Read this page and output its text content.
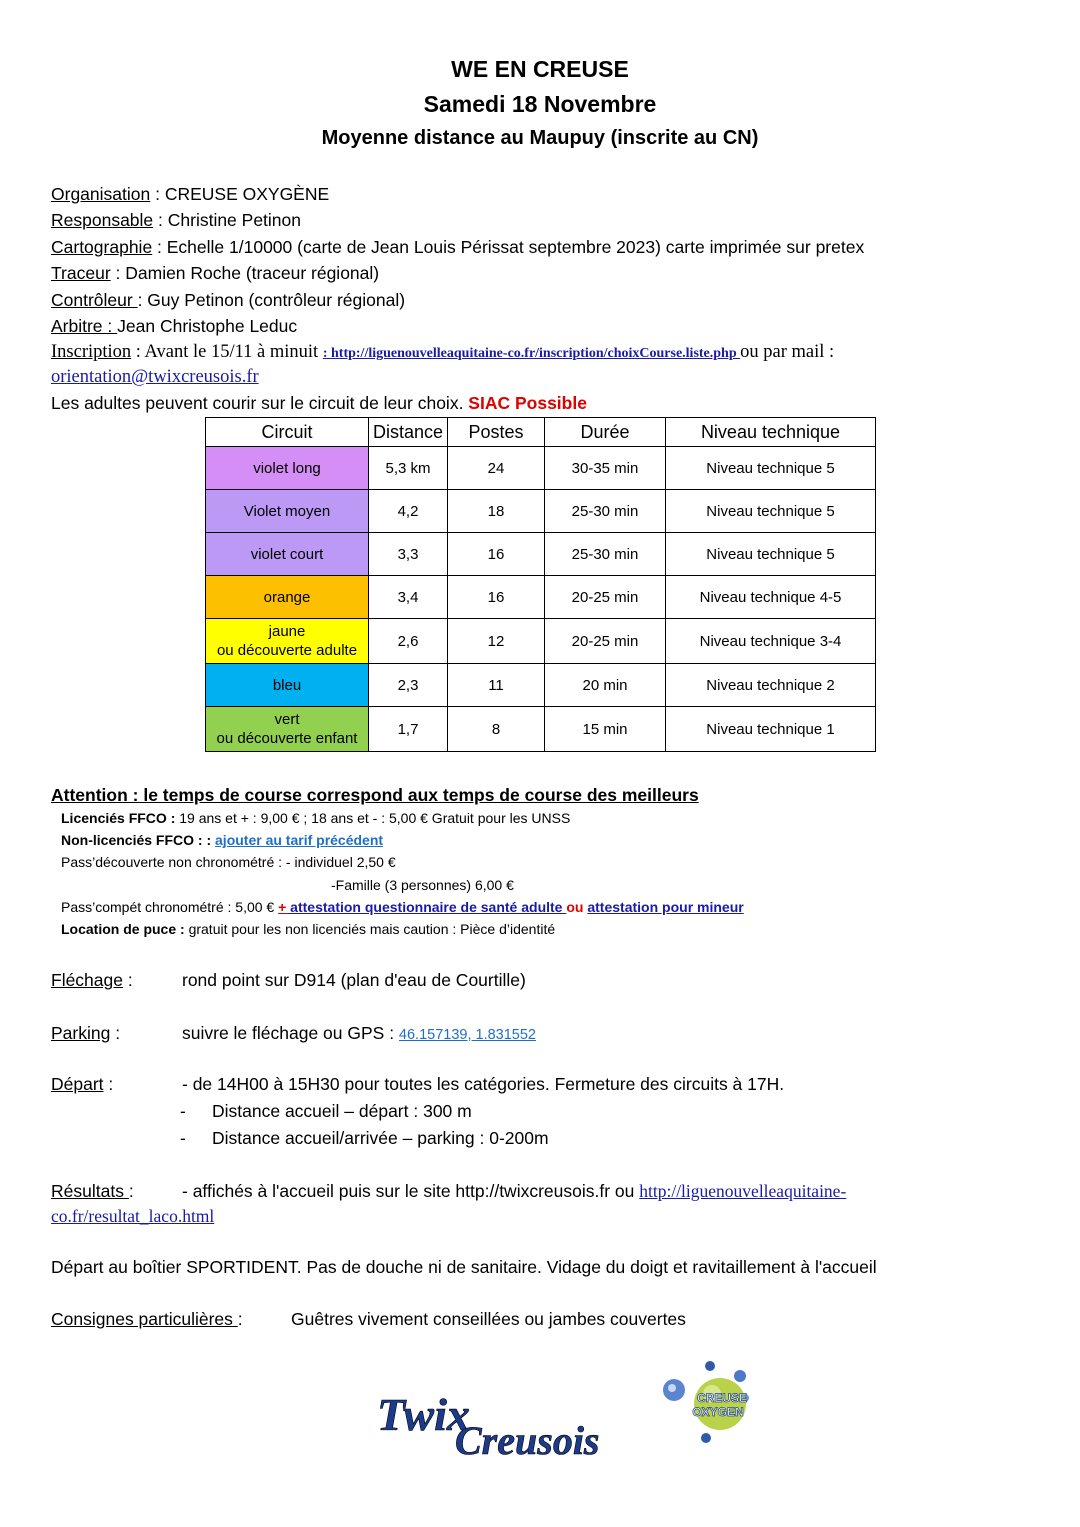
WE EN CREUSE
Samedi 18 Novembre
Moyenne distance au Maupuy (inscrite au CN)
Organisation : CREUSE OXYGÈNE
Responsable : Christine Petinon
Cartographie : Echelle 1/10000 (carte de Jean Louis Périssat septembre 2023) carte imprimée sur pretex
Traceur : Damien Roche (traceur régional)
Contrôleur : Guy Petinon (contrôleur régional)
Arbitre : Jean Christophe Leduc
Inscription : Avant le 15/11 à minuit : http://liguenouvelleaquitaine-co.fr/inscription/choixCourse.liste.php ou par mail :
orientation@twixcreusois.fr
Les adultes peuvent courir sur le circuit de leur choix. SIAC Possible
Circuit	Distance	Postes	Durée	Niveau technique

violet long	5,3 km	24	30-35 min	Niveau technique 5

Violet moyen	4,2	18	25-30 min	Niveau technique 5

violet court	3,3	16	25-30 min	Niveau technique 5

orange	3,4	16	20-25 min	Niveau technique 4-5

jaune
ou découverte adulte	2,6	12	20-25 min	Niveau technique 3-4

bleu	2,3	11	20 min	Niveau technique 2

vert
ou découverte enfant	1,7	8	15 min	Niveau technique 1
Attention : le temps de course correspond aux temps de course des meilleurs
Licenciés FFCO : 19 ans et + : 9,00 € ; 18 ans et - : 5,00 € Gratuit pour les UNSS
Non-licenciés FFCO : : ajouter au tarif précédent
Pass’découverte non chronométré : - individuel 2,50 €
-Famille (3 personnes) 6,00 €
Pass’compét chronométré : 5,00 € + attestation questionnaire de santé adulte ou attestation pour mineur
Location de puce : gratuit pour les non licenciés mais caution : Pièce d’identité
Fléchage :	rond point sur D914 (plan d'eau de Courtille)
Parking :	suivre le fléchage ou GPS : 46.157139, 1.831552
Départ :	- de 14H00 à 15H30 pour toutes les catégories. Fermeture des circuits à 17H.
- Distance accueil – départ : 300 m
- Distance accueil/arrivée – parking : 0-200m
Résultats :	- affichés à l'accueil puis sur le site http://twixcreusois.fr ou http://liguenouvelleaquitaine-
co.fr/resultat_laco.html
Départ au boîtier SPORTIDENT. Pas de douche ni de sanitaire. Vidage du doigt et ravitaillement à l'accueil
Consignes particulières :	Guêtres vivement conseillées ou jambes couvertes
Twix
Creusois
CREUSE
OXYGEN
